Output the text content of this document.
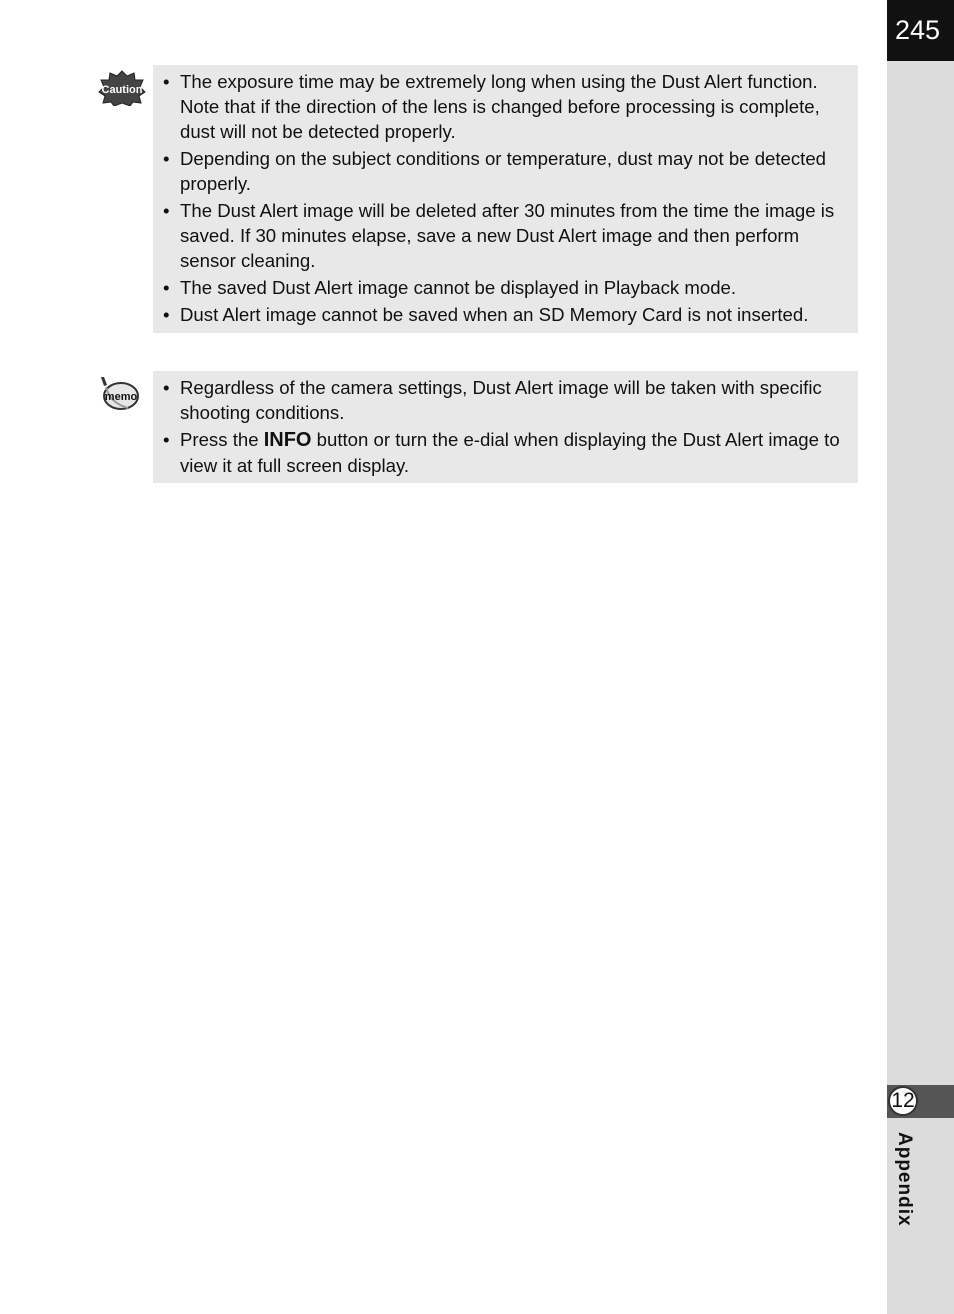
245
12
Appendix
Caution	• The exposure time may be extremely long when using the Dust Alert function. Note that if the direction of the lens is changed before processing is complete, dust will not be detected properly.
• Depending on the subject conditions or temperature, dust may not be detected properly.
• The Dust Alert image will be deleted after 30 minutes from the time the image is saved. If 30 minutes elapse, save a new Dust Alert image and then perform sensor cleaning.
• The saved Dust Alert image cannot be displayed in Playback mode.
• Dust Alert image cannot be saved when an SD Memory Card is not inserted.
memo	• Regardless of the camera settings, Dust Alert image will be taken with specific shooting conditions.
• Press the INFO button or turn the e-dial when displaying the Dust Alert image to view it at full screen display.
